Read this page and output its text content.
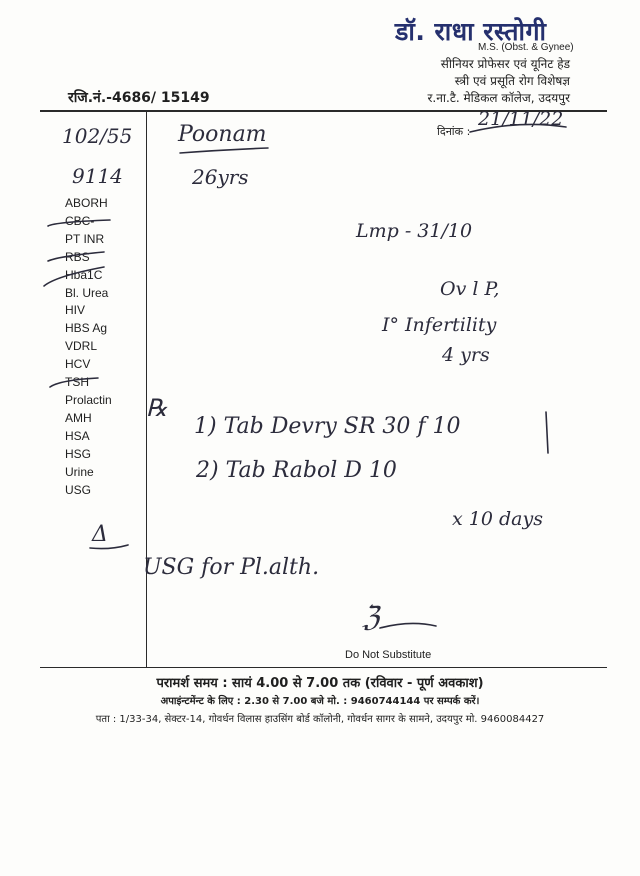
डॉ. राधा रस्तोगी
M.S. (Obst. & Gynee)
सीनियर प्रोफेसर एवं यूनिट हेड
स्त्री एवं प्रसूति रोग विशेषज्ञ
र.ना.टै. मेडिकल कॉलेज, उदयपुर
रजि.नं.-4686/ 15149
दिनांक :
21/11/22
102/55
9114
ABORH
CBC-
PT INR
RBS
Hba1C
Bl. Urea
HIV
HBS Ag
VDRL
HCV
TSH
Prolactin
AMH
HSA
HSG
Urine
USG
Poonam
26yrs
Lmp - 31/10
Ov l P,
I° Infertility
4 yrs
℞
1) Tab Devry SR 30 f 10
2) Tab Rabol D 10
x 10 days
Δ
USG for Pl.alth.
ℨ
Do Not Substitute
परामर्श समय : सायं 4.00 से 7.00 तक (रविवार - पूर्ण अवकाश)
अपाइंन्टमेंन्ट के लिए : 2.30 से 7.00 बजे मो. : 9460744144 पर सम्पर्क करें।
पता : 1/33-34, सेक्टर-14, गोवर्धन विलास हाउसिंग बोर्ड कॉलोनी, गोवर्धन सागर के सामने, उदयपुर मो. 9460084427
